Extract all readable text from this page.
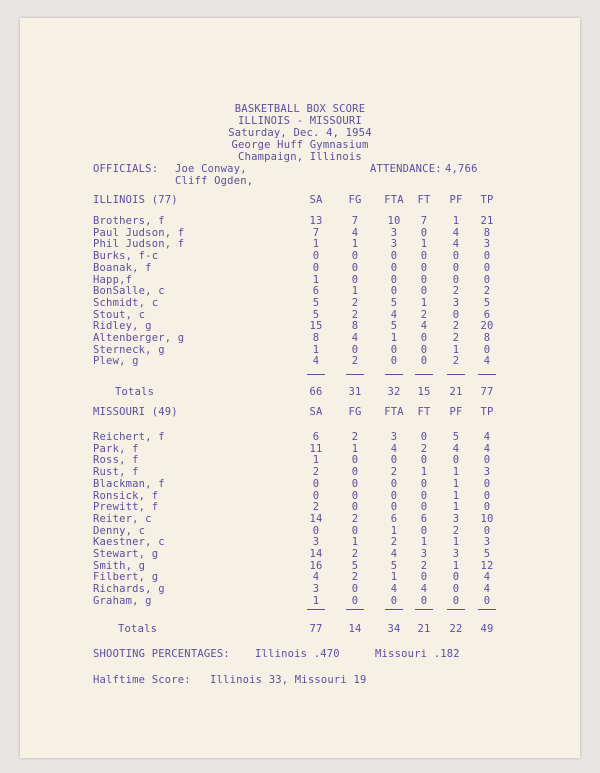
BASKETBALL BOX SCORE
ILLINOIS - MISSOURI
Saturday, Dec. 4, 1954
George Huff Gymnasium
Champaign, Illinois
OFFICIALS: Joe Conway,
Cliff Ogden,
ATTENDANCE: 4,766
ILLINOIS (77)	SA	FG	FTA	FT	PF	TP
Brothers, f	13	7	10	7	1	21
Paul Judson, f	7	4	3	0	4	8
Phil Judson, f	1	1	3	1	4	3
Burks, f-c	0	0	0	0	0	0
Boanak, f	0	0	0	0	0	0
Happ,f	1	0	0	0	0	0
BonSalle, c	6	1	0	0	2	2
Schmidt, c	5	2	5	1	3	5
Stout, c	5	2	4	2	0	6
Ridley, g	15	8	5	4	2	20
Altenberger, g	8	4	1	0	2	8
Sterneck, g	1	0	0	0	1	0
Plew, g	4	2	0	0	2	4
Totals	66	31	32	15	21	77
MISSOURI (49)	SA	FG	FTA	FT	PF	TP
Reichert, f	6	2	3	0	5	4
Park, f	11	1	4	2	4	4
Ross, f	1	0	0	0	0	0
Rust, f	2	0	2	1	1	3
Blackman, f	0	0	0	0	1	0
Ronsick, f	0	0	0	0	1	0
Prewitt, f	2	0	0	0	1	0
Reiter, c	14	2	6	6	3	10
Denny, c	0	0	1	0	2	0
Kaestner, c	3	1	2	1	1	3
Stewart, g	14	2	4	3	3	5
Smith, g	16	5	5	2	1	12
Filbert, g	4	2	1	0	0	4
Richards, g	3	0	4	4	0	4
Graham, g	1	0	0	0	0	0
Totals	77	14	34	21	22	49
SHOOTING PERCENTAGES: Illinois .470	Missouri .182
Halftime Score: Illinois 33, Missouri 19
